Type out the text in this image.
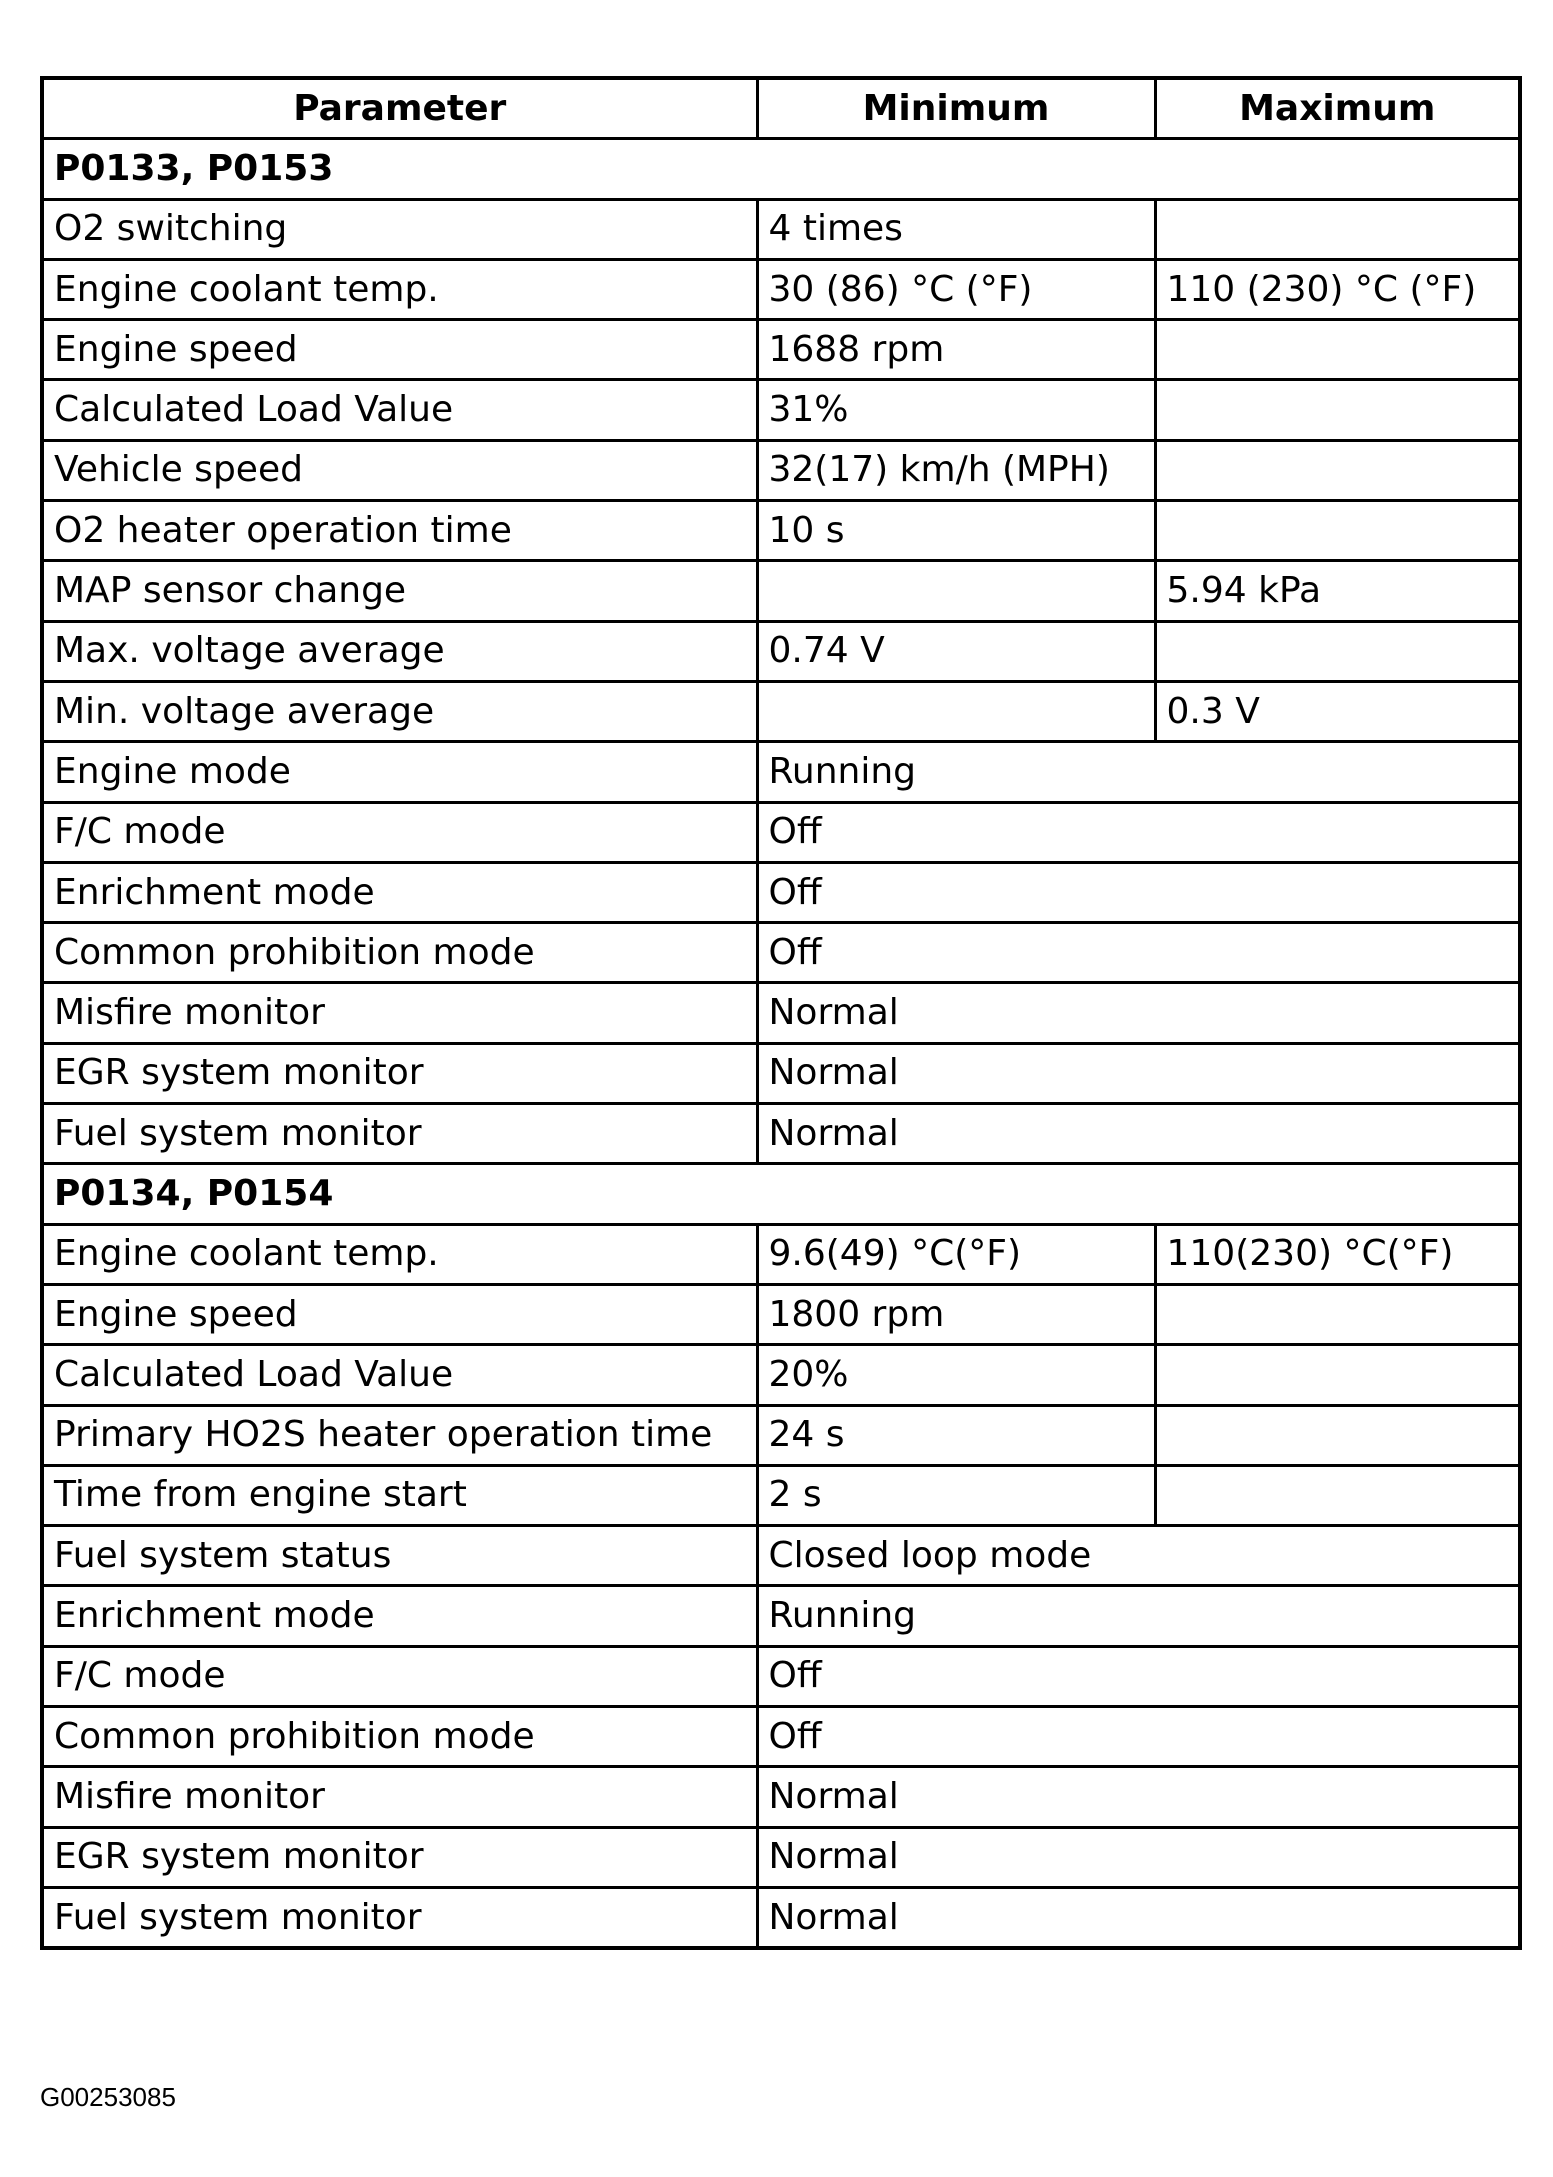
Parameter	Minimum	Maximum
P0133, P0153		
O2 switching	4 times	
Engine coolant temp.	30 (86) °C (°F)	110 (230) °C (°F)
Engine speed	1688 rpm	
Calculated Load Value	31%	
Vehicle speed	32(17) km/h (MPH)	
O2 heater operation time	10 s	
MAP sensor change		5.94 kPa
Max. voltage average	0.74 V	
Min. voltage average		0.3 V
Engine mode	Running	
F/C mode	Off	
Enrichment mode	Off	
Common prohibition mode	Off	
Misfire monitor	Normal	
EGR system monitor	Normal	
Fuel system monitor	Normal	
P0134, P0154		
Engine coolant temp.	9.6(49) °C(°F)	110(230) °C(°F)
Engine speed	1800 rpm	
Calculated Load Value	20%	
Primary HO2S heater operation time	24 s	
Time from engine start	2 s	
Fuel system status	Closed loop mode	
Enrichment mode	Running	
F/C mode	Off	
Common prohibition mode	Off	
Misfire monitor	Normal	
EGR system monitor	Normal	
Fuel system monitor	Normal	
G00253085
